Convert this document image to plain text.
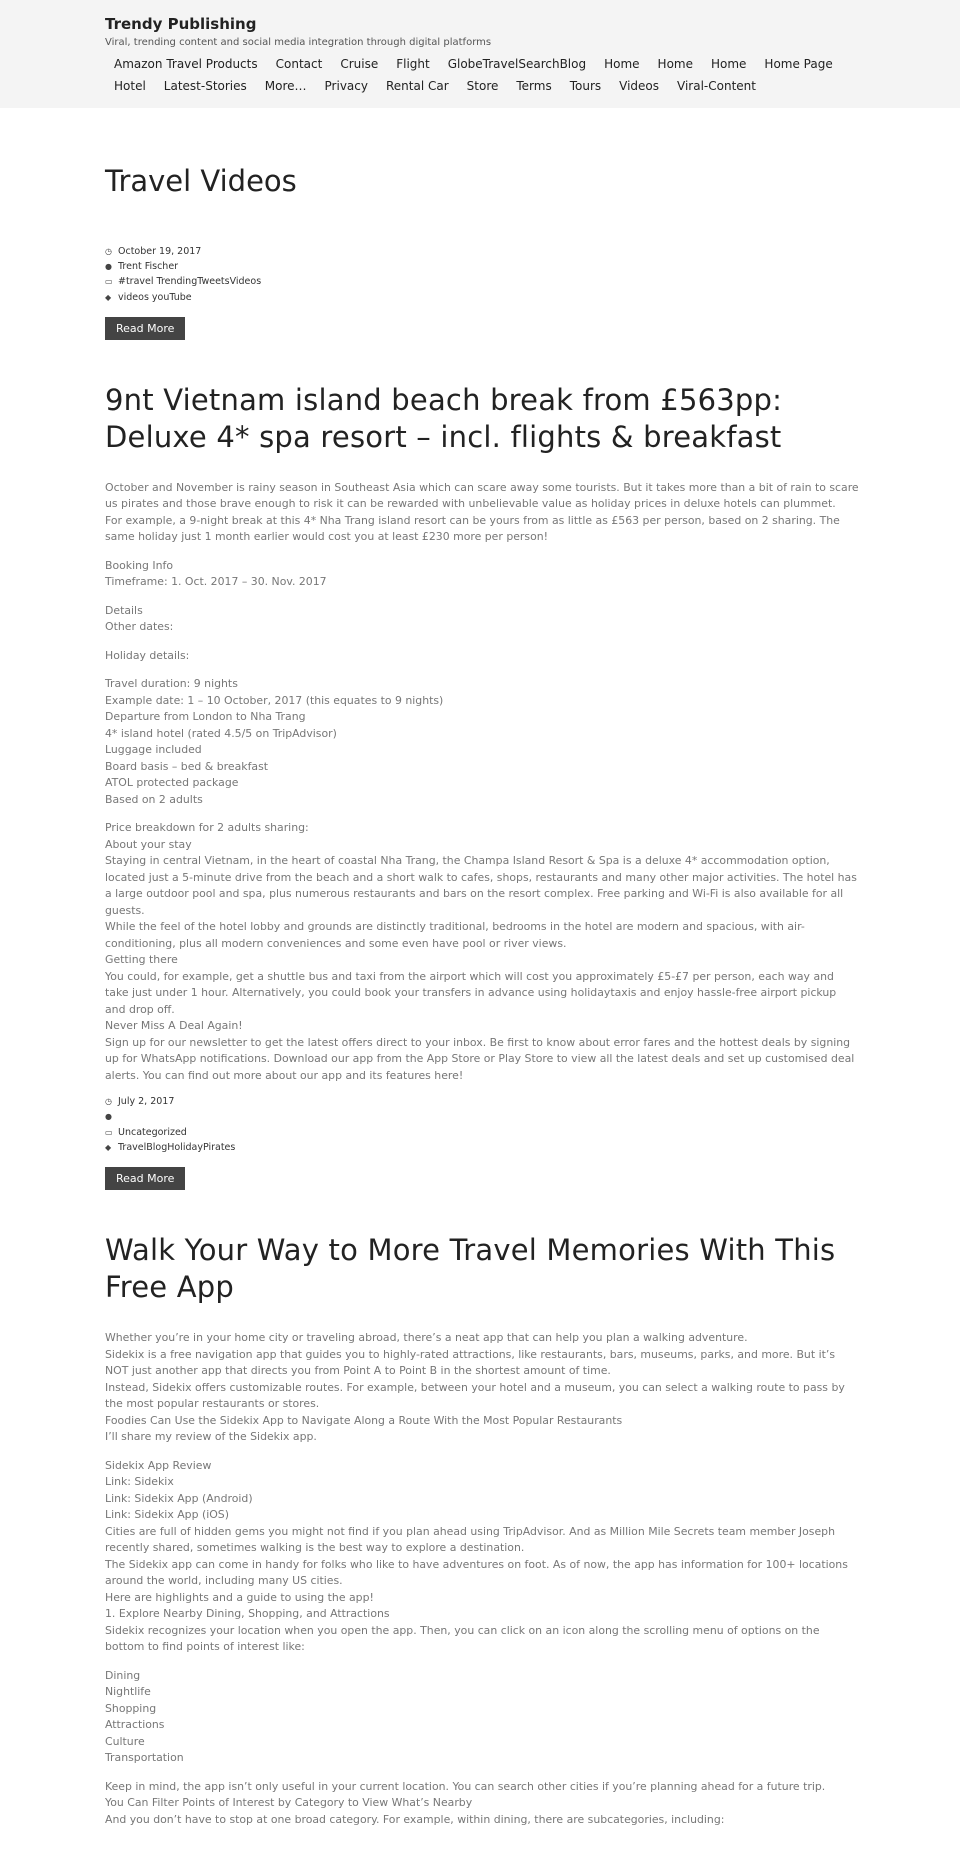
Trendy Publishing
Viral, trending content and social media integration through digital platforms
Amazon Travel Products	Contact	Cruise	Flight	GlobeTravelSearchBlog	Home	Home	Home	Home Page
Hotel	Latest-Stories	More…	Privacy	Rental Car	Store	Terms	Tours	Videos	Viral-Content
Travel Videos
◷ October 19, 2017
● Trent Fischer
▭ #travel TrendingTweetsVideos
◆ videos youTube
Read More
9nt Vietnam island beach break from £563pp: Deluxe 4* spa resort – incl. flights & breakfast

October and November is rainy season in Southeast Asia which can scare away some tourists. But it takes more than a bit of rain to scare us pirates and those brave enough to risk it can be rewarded with unbelievable value as holiday prices in deluxe hotels can plummet.

For example, a 9-night break at this 4* Nha Trang island resort can be yours from as little as £563 per person, based on 2 sharing. The same holiday just 1 month earlier would cost you at least £230 more per person!

Booking Info

Timeframe: 1. Oct. 2017 – 30. Nov. 2017

Details

Other dates:

Holiday details:

Travel duration: 9 nights

Example date: 1 – 10 October, 2017 (this equates to 9 nights)

Departure from London to Nha Trang

4* island hotel (rated 4.5/5 on TripAdvisor)

Luggage included

Board basis – bed & breakfast

ATOL protected package

Based on 2 adults

Price breakdown for 2 adults sharing:

About your stay

Staying in central Vietnam, in the heart of coastal Nha Trang, the Champa Island Resort & Spa is a deluxe 4* accommodation option, located just a 5-minute drive from the beach and a short walk to cafes, shops, restaurants and many other major activities. The hotel has a large outdoor pool and spa, plus numerous restaurants and bars on the resort complex. Free parking and Wi-Fi is also available for all guests.

While the feel of the hotel lobby and grounds are distinctly traditional, bedrooms in the hotel are modern and spacious, with air-conditioning, plus all modern conveniences and some even have pool or river views.

Getting there

You could, for example, get a shuttle bus and taxi from the airport which will cost you approximately £5-£7 per person, each way and take just under 1 hour. Alternatively, you could book your transfers in advance using holidaytaxis and enjoy hassle-free airport pickup and drop off.

Never Miss A Deal Again!

Sign up for our newsletter to get the latest offers direct to your inbox. Be first to know about error fares and the hottest deals by signing up for WhatsApp notifications. Download our app from the App Store or Play Store to view all the latest deals and set up customised deal alerts. You can find out more about our app and its features here!

◷ July 2, 2017
●
▭ Uncategorized
◆ TravelBlogHolidayPirates
Read More
Walk Your Way to More Travel Memories With This Free App

Whether you’re in your home city or traveling abroad, there’s a neat app that can help you plan a walking adventure.

Sidekix is a free navigation app that guides you to highly-rated attractions, like restaurants, bars, museums, parks, and more. But it’s NOT just another app that directs you from Point A to Point B in the shortest amount of time.

Instead, Sidekix offers customizable routes. For example, between your hotel and a museum, you can select a walking route to pass by the most popular restaurants or stores.

Foodies Can Use the Sidekix App to Navigate Along a Route With the Most Popular Restaurants

I’ll share my review of the Sidekix app.

Sidekix App Review

Link: Sidekix

Link: Sidekix App (Android)

Link: Sidekix App (iOS)

Cities are full of hidden gems you might not find if you plan ahead using TripAdvisor. And as Million Mile Secrets team member Joseph recently shared, sometimes walking is the best way to explore a destination.

The Sidekix app can come in handy for folks who like to have adventures on foot. As of now, the app has information for 100+ locations around the world, including many US cities.

Here are highlights and a guide to using the app!

1. Explore Nearby Dining, Shopping, and Attractions

Sidekix recognizes your location when you open the app. Then, you can click on an icon along the scrolling menu of options on the bottom to find points of interest like:

Dining

Nightlife

Shopping

Attractions

Culture

Transportation

Keep in mind, the app isn’t only useful in your current location. You can search other cities if you’re planning ahead for a future trip.

You Can Filter Points of Interest by Category to View What’s Nearby

And you don’t have to stop at one broad category. For example, within dining, there are subcategories, including:
